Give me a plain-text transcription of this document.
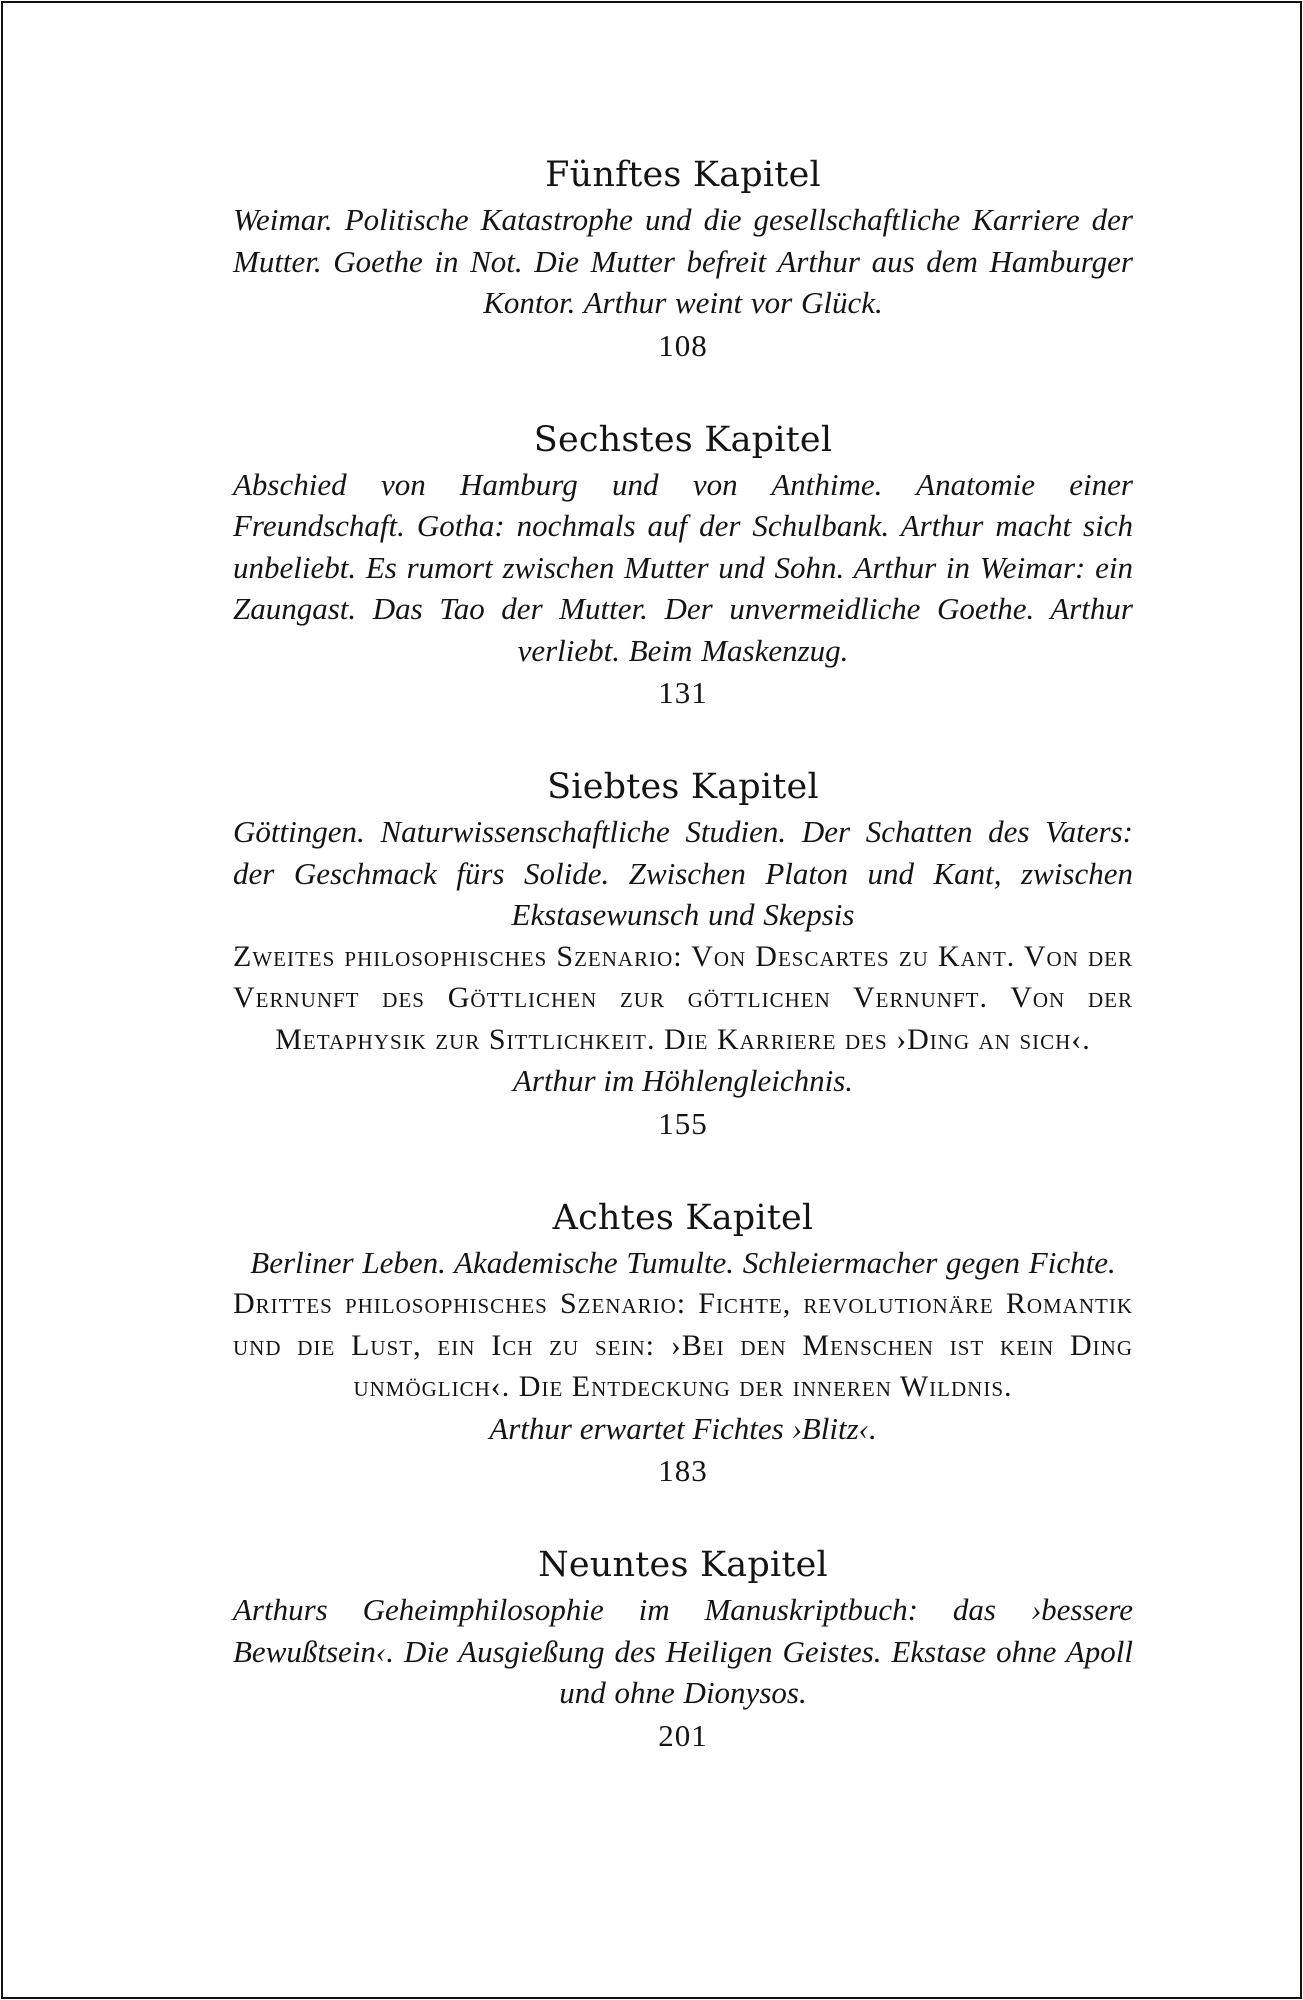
Fünftes Kapitel

Weimar. Politische Katastrophe und die gesellschaftliche Karriere der Mutter. Goethe in Not. Die Mutter befreit Arthur aus dem Hamburger Kontor. Arthur weint vor Glück.

108

Sechstes Kapitel

Abschied von Hamburg und von Anthime. Anatomie einer Freundschaft. Gotha: nochmals auf der Schulbank. Arthur macht sich unbeliebt. Es rumort zwischen Mutter und Sohn. Arthur in Weimar: ein Zaungast. Das Tao der Mutter. Der unvermeidliche Goethe. Arthur verliebt. Beim Maskenzug.

131

Siebtes Kapitel

Göttingen. Naturwissenschaftliche Studien. Der Schatten des Vaters: der Geschmack fürs Solide. Zwischen Platon und Kant, zwischen Ekstasewunsch und Skepsis

Zweites philosophisches Szenario: Von Descartes zu Kant. Von der Vernunft des Göttlichen zur göttlichen Vernunft. Von der Metaphysik zur Sittlichkeit. Die Karriere des ›Ding an sich‹.

Arthur im Höhlengleichnis.

155

Achtes Kapitel

Berliner Leben. Akademische Tumulte. Schleiermacher gegen Fichte.

Drittes philosophisches Szenario: Fichte, revolutionäre Romantik und die Lust, ein Ich zu sein: ›Bei den Menschen ist kein Ding unmöglich‹. Die Entdeckung der inneren Wildnis.

Arthur erwartet Fichtes ›Blitz‹.

183

Neuntes Kapitel

Arthurs Geheimphilosophie im Manuskriptbuch: das ›bessere Bewußtsein‹. Die Ausgießung des Heiligen Geistes. Ekstase ohne Apoll und ohne Dionysos.

201
